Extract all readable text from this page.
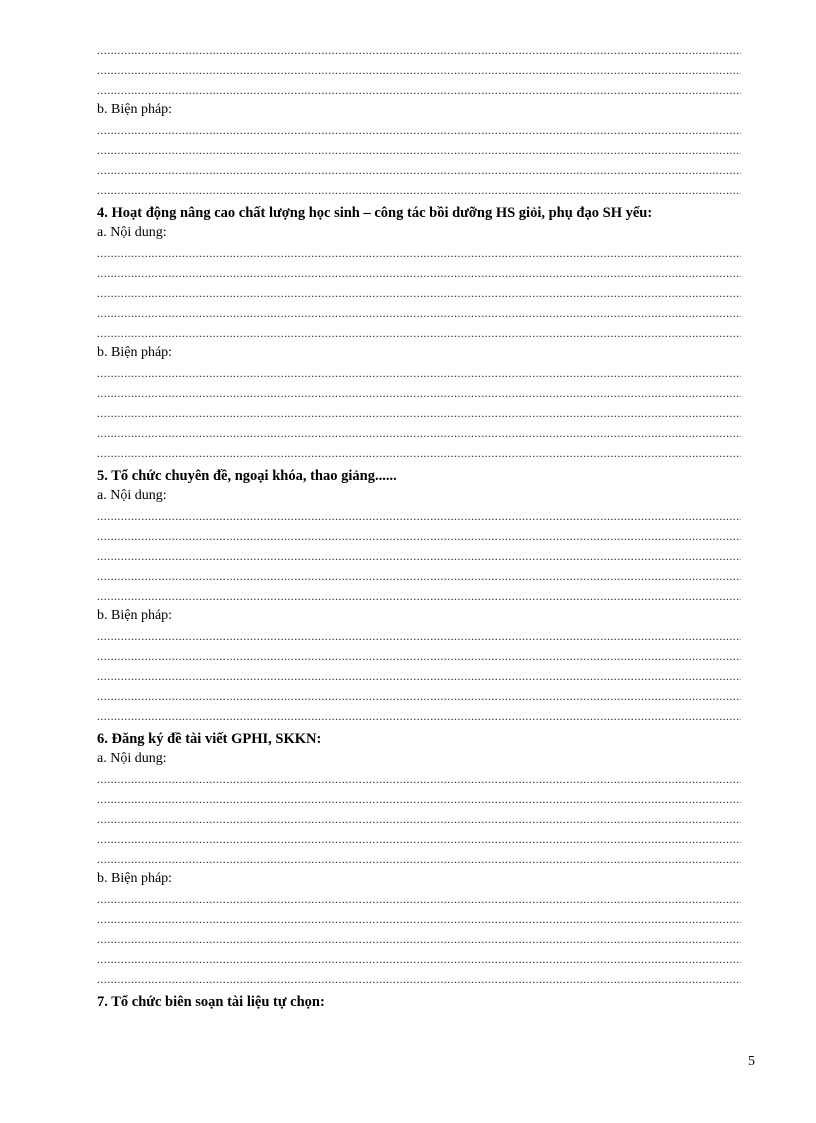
.....
.....
.....
b. Biện pháp:
.....
.....
.....
.....
4. Hoạt động nâng cao chất lượng học sinh – công tác bồi dưỡng HS giỏi, phụ đạo SH yếu:
a. Nội dung:
.....
.....
.....
.....
.....
b. Biện pháp:
.....
.....
.....
.....
.....
5. Tổ chức chuyên đề, ngoại khóa, thao giảng......
a. Nội dung:
.....
.....
.....
.....
.....
b. Biện pháp:
.....
.....
.....
.....
.....
6. Đăng ký đề tài viết GPHI, SKKN:
a. Nội dung:
.....
.....
.....
.....
.....
b. Biện pháp:
.....
.....
.....
.....
.....
7. Tổ chức biên soạn tài liệu tự chọn:
5
